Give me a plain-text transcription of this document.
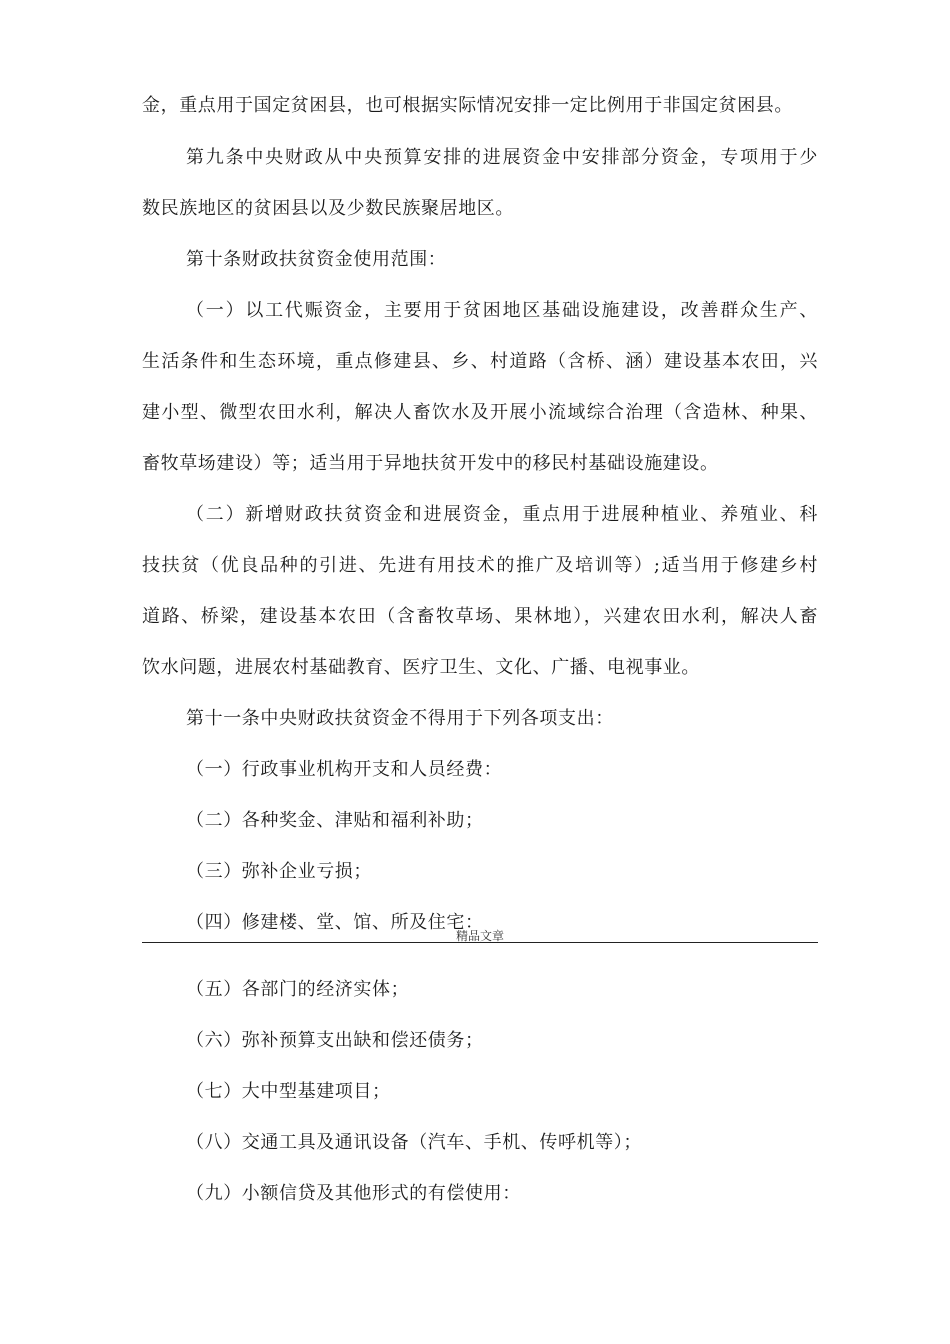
金，重点用于国定贫困县，也可根据实际情况安排一定比例用于非国定贫困县。
第九条中央财政从中央预算安排的进展资金中安排部分资金，专项用于少
数民族地区的贫困县以及少数民族聚居地区。
第十条财政扶贫资金使用范围：
（一）以工代赈资金，主要用于贫困地区基础设施建设，改善群众生产、
生活条件和生态环境，重点修建县、乡、村道路（含桥、涵）建设基本农田，兴
建小型、微型农田水利，解决人畜饮水及开展小流域综合治理（含造林、种果、
畜牧草场建设）等；适当用于异地扶贫开发中的移民村基础设施建设。
（二）新增财政扶贫资金和进展资金，重点用于进展种植业、养殖业、科
技扶贫（优良品种的引进、先进有用技术的推广及培训等）;适当用于修建乡村
道路、桥梁，建设基本农田（含畜牧草场、果林地），兴建农田水利，解决人畜
饮水问题，进展农村基础教育、医疗卫生、文化、广播、电视事业。
第十一条中央财政扶贫资金不得用于下列各项支出：
（一）行政事业机构开支和人员经费：
（二）各种奖金、津贴和福利补助；
（三）弥补企业亏损；
（四）修建楼、堂、馆、所及住宅：
精品文章
（五）各部门的经济实体；
（六）弥补预算支出缺和偿还债务；
（七）大中型基建项目；
（八）交通工具及通讯设备（汽车、手机、传呼机等）；
（九）小额信贷及其他形式的有偿使用：
